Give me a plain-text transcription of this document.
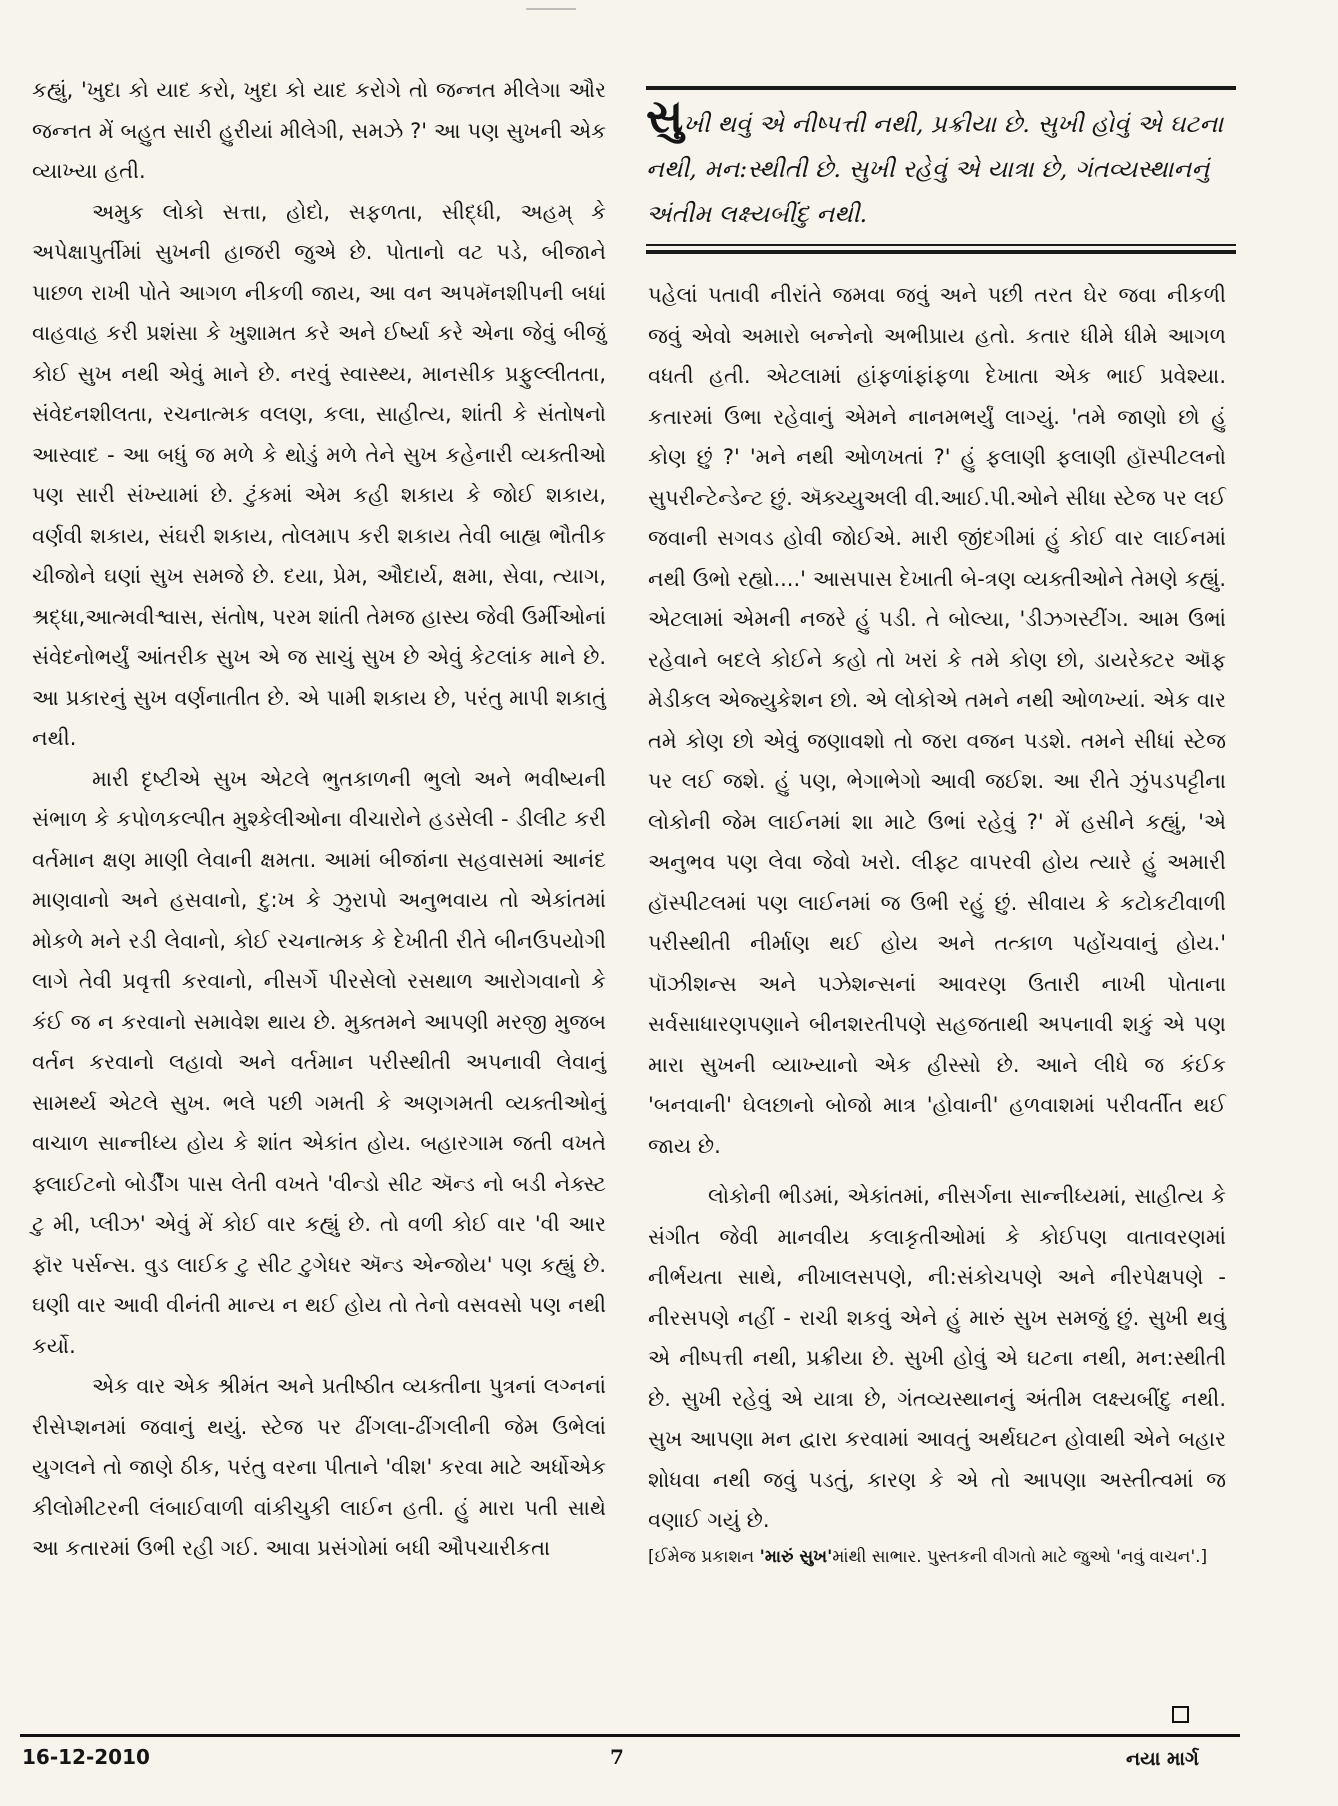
કહ્યું, 'ખુદા કો યાદ કરો, ખુદા કો યાદ કરોગે તો જન્નત મીલેગા ઔર જન્નત મેં બહુત સારી હુરીયાં મીલેગી, સમઝે ?' આ પણ સુખની એક વ્યાખ્યા હતી.

અમુક લોકો સત્તા, હોદો, સફળતા, સીદ્ધી, અહમ્ કે અપેક્ષાપુર્તીમાં સુખની હાજરી જુએ છે. પોતાનો વટ પડે, બીજાને પાછળ રાખી પોતે આગળ નીકળી જાય, આ વન અપમૅનશીપની બધાં વાહવાહ કરી પ્રશંસા કે ખુશામત કરે અને ઈર્ષ્યા કરે એના જેવું બીજું કોઈ સુખ નથી એવું માને છે. નરવું સ્વાસ્થ્ય, માનસીક પ્રફુલ્લીતતા, સંવેદનશીલતા, રચનાત્મક વલણ, કલા, સાહીત્ય, શાંતી કે સંતોષનો આસ્વાદ - આ બધું જ મળે કે થોડું મળે તેને સુખ કહેનારી વ્યક્તીઓ પણ સારી સંખ્યામાં છે. ટુંકમાં એમ કહી શકાય કે જોઈ શકાય, વર્ણવી શકાય, સંઘરી શકાય, તોલમાપ કરી શકાય તેવી બાહ્ય ભૌતીક ચીજોને ઘણાં સુખ સમજે છે. દયા, પ્રેમ, ઔદાર્ય, ક્ષમા, સેવા, ત્યાગ, શ્રદ્ધા,આત્મવીશ્વાસ, સંતોષ, પરમ શાંતી તેમજ હાસ્ય જેવી ઉર્મીઓનાં સંવેદનોભર્યું આંતરીક સુખ એ જ સાચું સુખ છે એવું કેટલાંક માને છે. આ પ્રકારનું સુખ વર્ણનાતીત છે. એ પામી શકાય છે, પરંતુ માપી શકાતું નથી.

મારી દૃષ્ટીએ સુખ એટલે ભુતકાળની ભુલો અને ભવીષ્યની સંભાળ કે કપોળકલ્પીત મુશ્કેલીઓના વીચારોને હડસેલી - ડીલીટ કરી વર્તમાન ક્ષણ માણી લેવાની ક્ષમતા. આમાં બીજાંના સહવાસમાં આનંદ માણવાનો અને હસવાનો, દુ:ખ કે ઝુરાપો અનુભવાય તો એકાંતમાં મોકળે મને રડી લેવાનો, કોઈ રચનાત્મક કે દેખીતી રીતે બીનઉપયોગી લાગે તેવી પ્રવૃત્તી કરવાનો, નીસર્ગે પીરસેલો રસથાળ આરોગવાનો કે કંઈ જ ન કરવાનો સમાવેશ થાય છે. મુક્તમને આપણી મરજી મુજબ વર્તન કરવાનો લહાવો અને વર્તમાન પરીસ્થીતી અપનાવી લેવાનું સામર્થ્ય એટલે સુખ. ભલે પછી ગમતી કે અણગમતી વ્યક્તીઓનું વાચાળ સાન્નીધ્ય હોય કે શાંત એકાંત હોય. બહારગામ જતી વખતે ફ્લાઈટનો બોર્ડીંગ પાસ લેતી વખતે 'વીન્ડો સીટ ઍન્ડ નો બડી નેક્સ્ટ ટુ મી, પ્લીઝ' એવું મેં કોઈ વાર કહ્યું છે. તો વળી કોઈ વાર 'વી આર ફૉર પર્સન્સ. વુડ લાઈક ટુ સીટ ટુગેધર ઍન્ડ એન્જોય' પણ કહ્યું છે. ઘણી વાર આવી વીનંતી માન્ય ન થઈ હોય તો તેનો વસવસો પણ નથી કર્યો.

એક વાર એક શ્રીમંત અને પ્રતીષ્ઠીત વ્યક્તીના પુત્રનાં લગ્નનાં રીસેપ્શનમાં જવાનું થયું. સ્ટેજ પર ઢીંગલા-ઢીંગલીની જેમ ઉભેલાં યુગલને તો જાણે ઠીક, પરંતુ વરના પીતાને 'વીશ' કરવા માટે અર્ધોએક કીલોમીટરની લંબાઈવાળી વાંકીચુકી લાઈન હતી. હું મારા પતી સાથે આ કતારમાં ઉભી રહી ગઈ. આવા પ્રસંગોમાં બધી ઔપચારીકતા

સુખી થવું એ નીષ્પત્તી નથી, પ્રક્રીયા છે. સુખી હોવું એ ઘટના નથી, મન:સ્થીતી છે. સુખી રહેવું એ યાત્રા છે, ગંતવ્યસ્થાનનું અંતીમ લક્ષ્યબીંદુ નથી.

પહેલાં પતાવી નીરાંતે જમવા જવું અને પછી તરત ઘેર જવા નીકળી જવું એવો અમારો બન્નેનો અભીપ્રાય હતો. કતાર ધીમે ધીમે આગળ વધતી હતી. એટલામાં હાંફળાંફાંફળા દેખાતા એક ભાઈ પ્રવેશ્યા. કતારમાં ઉભા રહેવાનું એમને નાનમભર્યું લાગ્યું. 'તમે જાણો છો હું કોણ છું ?' 'મને નથી ઓળખતાં ?' હું ફલાણી ફલાણી હૉસ્પીટલનો સુપરીન્ટેન્ડેન્ટ છું. ઍક્ચ્યુઅલી વી.આઈ.પી.ઓને સીધા સ્ટેજ પર લઈ જવાની સગવડ હોવી જોઈએ. મારી જીંદગીમાં હું કોઈ વાર લાઈનમાં નથી ઉભો રહ્યો....' આસપાસ દેખાતી બે-ત્રણ વ્યક્તીઓને તેમણે કહ્યું. એટલામાં એમની નજરે હું પડી. તે બોલ્યા, 'ડીઝગસ્ટીંગ. આમ ઉભાં રહેવાને બદલે કોઈને કહો તો ખરાં કે તમે કોણ છો, ડાયરેક્ટર ઑફ મેડીકલ એજ્યુકેશન છો. એ લોકોએ તમને નથી ઓળખ્યાં. એક વાર તમે કોણ છો એવું જણાવશો તો જરા વજન પડશે. તમને સીધાં સ્ટેજ પર લઈ જશે. હું પણ, ભેગાભેગો આવી જઈશ. આ રીતે ઝુંપડપટ્ટીના લોકોની જેમ લાઈનમાં શા માટે ઉભાં રહેવું ?' મેં હસીને કહ્યું, 'એ અનુભવ પણ લેવા જેવો ખરો. લીફ્ટ વાપરવી હોય ત્યારે હું અમારી હૉસ્પીટલમાં પણ લાઈનમાં જ ઉભી રહું છું. સીવાય કે કટોકટીવાળી પરીસ્થીતી નીર્માણ થઈ હોય અને તત્કાળ પહોંચવાનું હોય.' પૉઝીશન્સ અને પઝેશન્સનાં આવરણ ઉતારી નાખી પોતાના સર્વસાધારણપણાને બીનશરતીપણે સહજતાથી અપનાવી શકું એ પણ મારા સુખની વ્યાખ્યાનો એક હીસ્સો છે. આને લીધે જ કંઈક 'બનવાની' ઘેલછાનો બોજો માત્ર 'હોવાની' હળવાશમાં પરીવર્તીત થઈ જાય છે.

લોકોની ભીડમાં, એકાંતમાં, નીસર્ગના સાન્નીધ્યમાં, સાહીત્ય કે સંગીત જેવી માનવીય કલાકૃતીઓમાં કે કોઈપણ વાતાવરણમાં નીર્ભયતા સાથે, નીખાલસપણે, ની:સંકોચપણે અને નીરપેક્ષપણે - નીરસપણે નહીં - રાચી શકવું એને હું મારું સુખ સમજું છું. સુખી થવું એ નીષ્પત્તી નથી, પ્રક્રીયા છે. સુખી હોવું એ ઘટના નથી, મન:સ્થીતી છે. સુખી રહેવું એ યાત્રા છે, ગંતવ્યસ્થાનનું અંતીમ લક્ષ્યબીંદુ નથી. સુખ આપણા મન દ્વારા કરવામાં આવતું અર્થઘટન હોવાથી એને બહાર શોધવા નથી જવું પડતું, કારણ કે એ તો આપણા અસ્તીત્વમાં જ વણાઈ ગયું છે.

[ઈમેજ પ્રકાશન 'મારું સુખ'માંથી સાભાર. પુસ્તકની વીગતો માટે જુઓ 'નવું વાચન'.]

16-12-2010	7	નયા માર્ગ
